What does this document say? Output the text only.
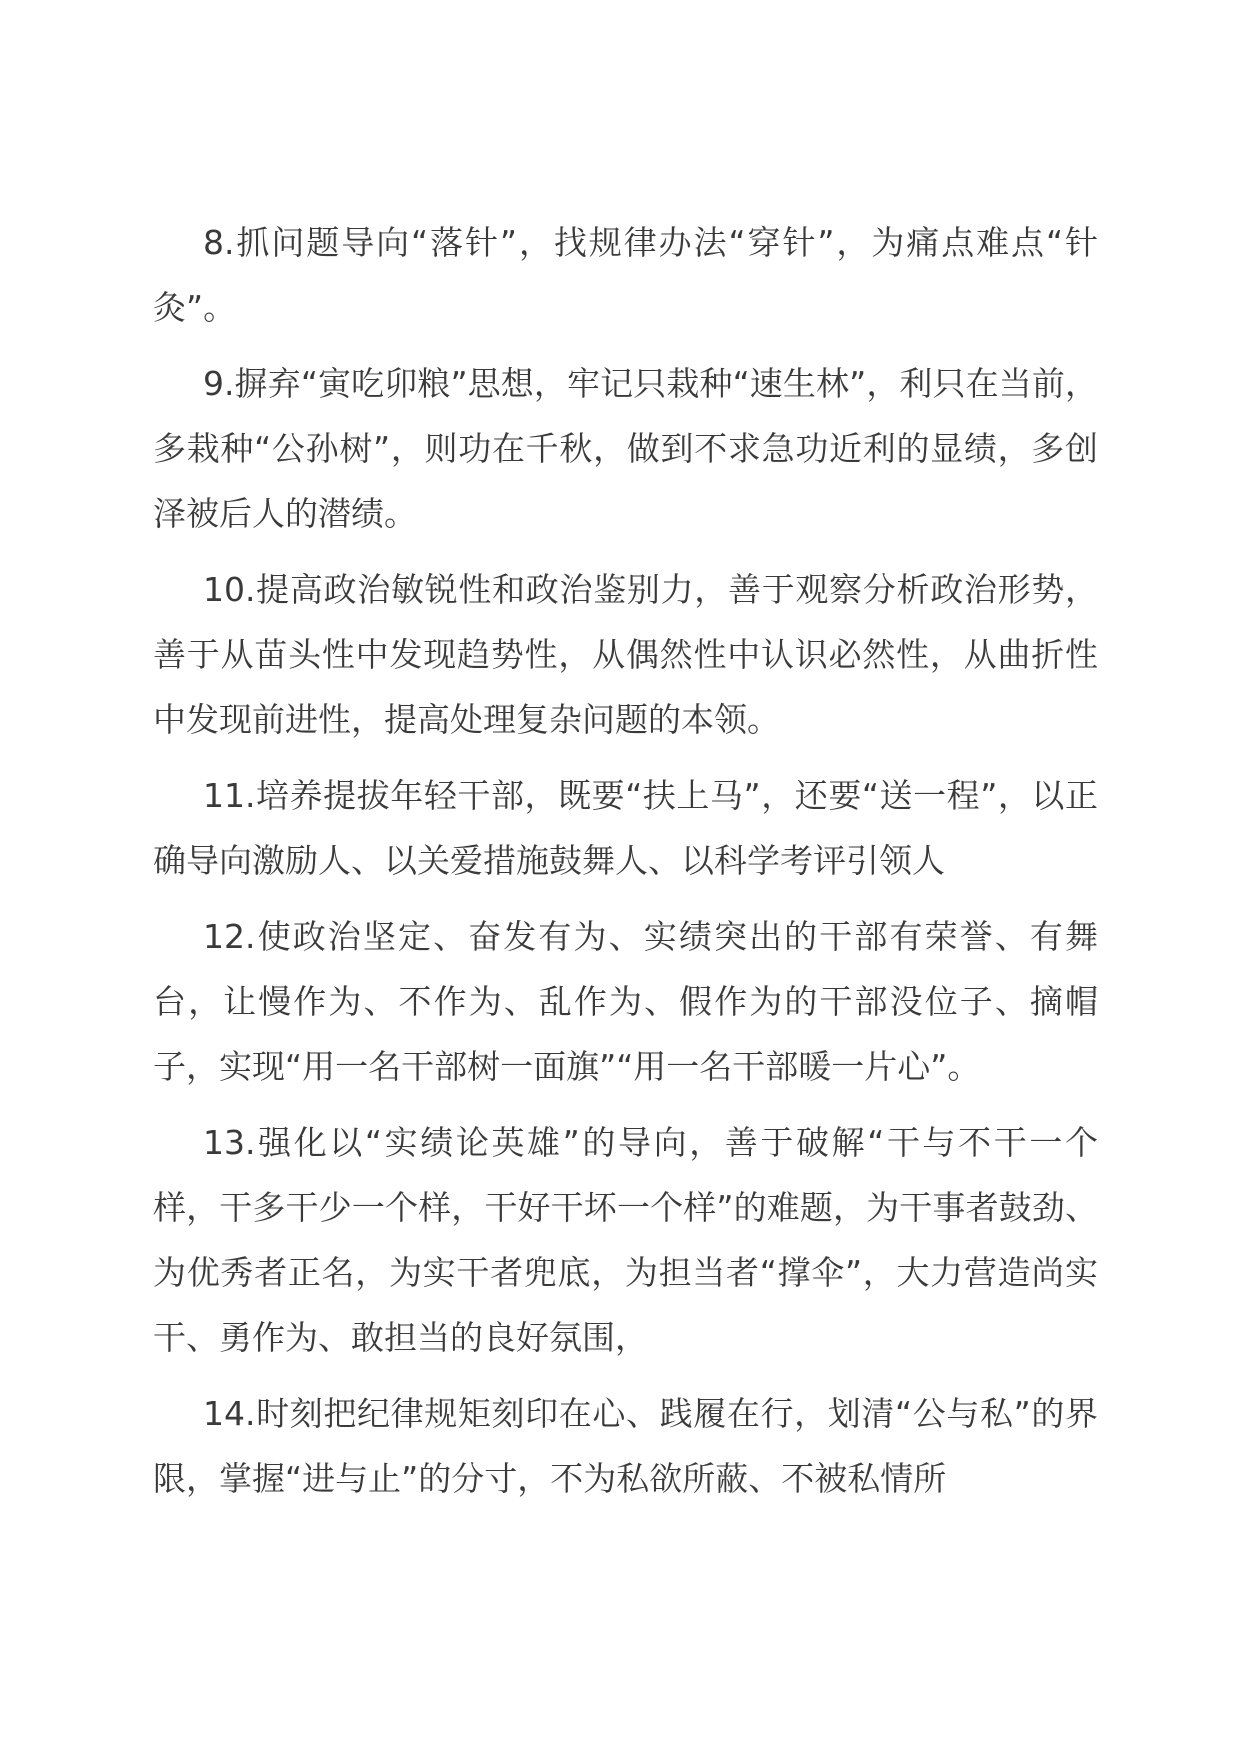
8.抓问题导向“落针”，找规律办法“穿针”，为痛点难点“针灸”。

9.摒弃“寅吃卯粮”思想，牢记只栽种“速生林”，利只在当前，多栽种“公孙树”，则功在千秋，做到不求急功近利的显绩，多创泽被后人的潜绩。

10.提高政治敏锐性和政治鉴别力，善于观察分析政治形势，善于从苗头性中发现趋势性，从偶然性中认识必然性，从曲折性中发现前进性，提高处理复杂问题的本领。

11.培养提拔年轻干部，既要“扶上马”，还要“送一程”，以正确导向激励人、以关爱措施鼓舞人、以科学考评引领人

12.使政治坚定、奋发有为、实绩突出的干部有荣誉、有舞台，让慢作为、不作为、乱作为、假作为的干部没位子、摘帽子，实现“用一名干部树一面旗”“用一名干部暖一片心”。

13.强化以“实绩论英雄”的导向，善于破解“干与不干一个样，干多干少一个样，干好干坏一个样”的难题，为干事者鼓劲、为优秀者正名，为实干者兜底，为担当者“撑伞”，大力营造尚实干、勇作为、敢担当的良好氛围，

14.时刻把纪律规矩刻印在心、践履在行，划清“公与私”的界限，掌握“进与止”的分寸，不为私欲所蔽、不被私情所
